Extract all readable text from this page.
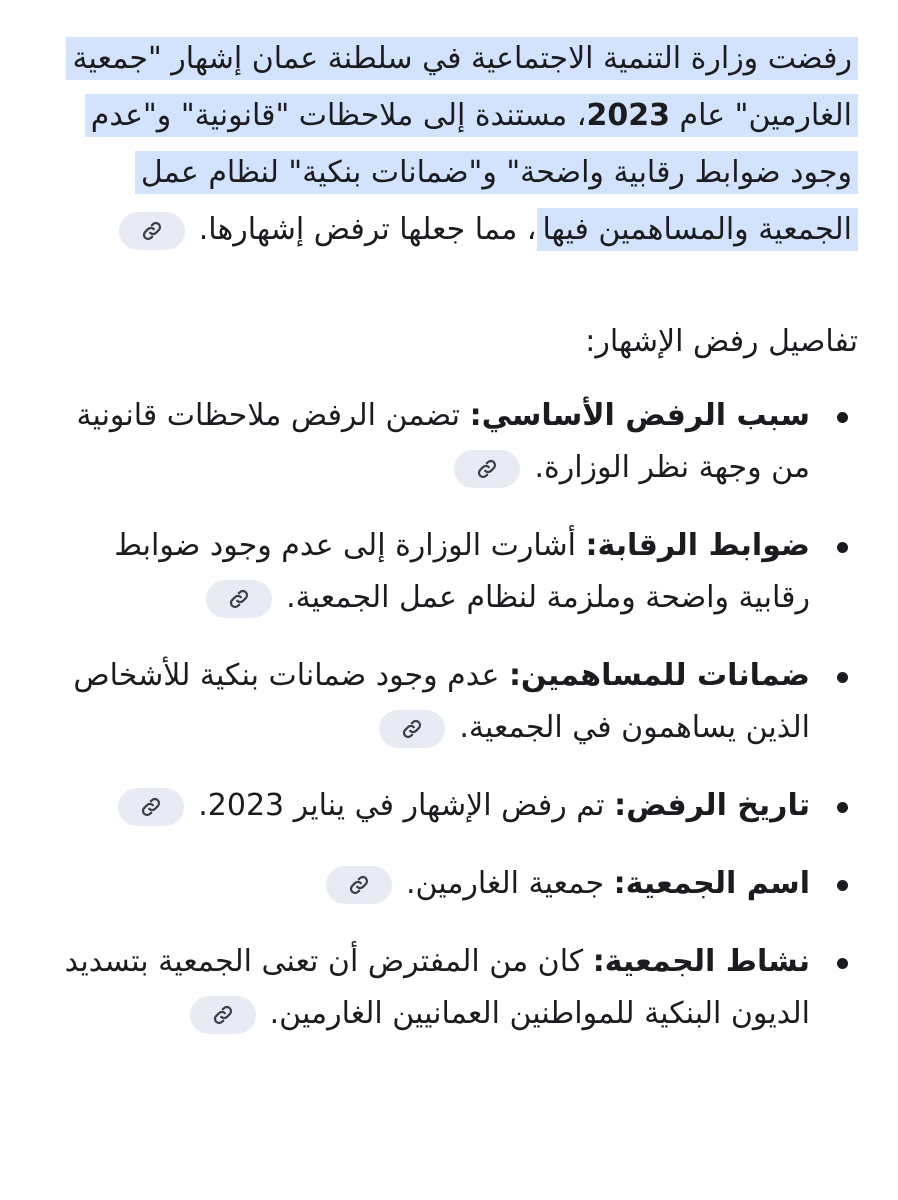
رفضت وزارة التنمية الاجتماعية في سلطنة عمان إشهار "جمعية الغارمين" عام 2023، مستندة إلى ملاحظات "قانونية" و"عدم وجود ضوابط رقابية واضحة" و"ضمانات بنكية" لنظام عمل الجمعية والمساهمين فيها، مما جعلها ترفض إشهارها.

تفاصيل رفض الإشهار:
سبب الرفض الأساسي: تضمن الرفض ملاحظات قانونية من وجهة نظر الوزارة.
ضوابط الرقابة: أشارت الوزارة إلى عدم وجود ضوابط رقابية واضحة وملزمة لنظام عمل الجمعية.
ضمانات للمساهمين: عدم وجود ضمانات بنكية للأشخاص الذين يساهمون في الجمعية.
تاريخ الرفض: تم رفض الإشهار في يناير 2023.
اسم الجمعية: جمعية الغارمين.
نشاط الجمعية: كان من المفترض أن تعنى الجمعية بتسديد الديون البنكية للمواطنين العمانيين الغارمين.
